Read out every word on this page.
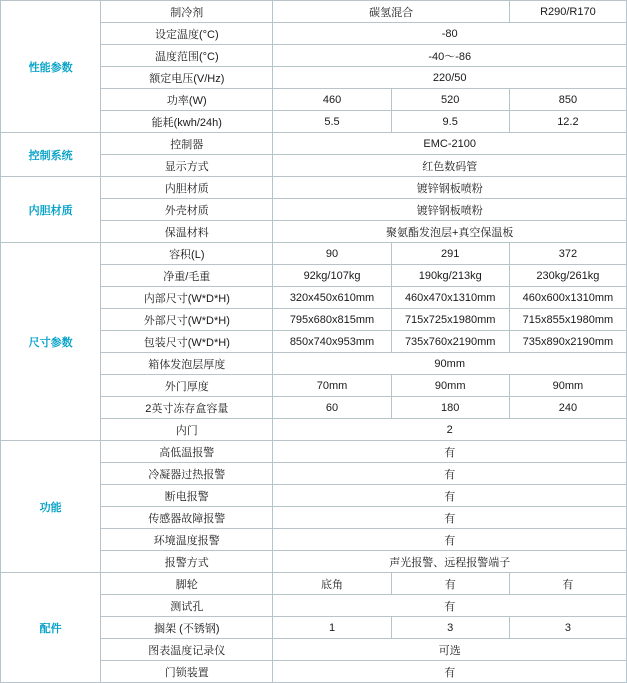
性能参数	制冷剂	碳氢混合		R290/R170
	设定温度(°C)	-80		
	温度范围(°C)	-40～-86		
	额定电压(V/Hz)	220/50		
	功率(W)	460	520	850
	能耗(kwh/24h)	5.5	9.5	12.2
控制系统	控制器	EMC-2100		
	显示方式	红色数码管		
内胆材质	内胆材质	镀锌钢板喷粉		
	外壳材质	镀锌钢板喷粉		
	保温材料	聚氨酯发泡层+真空保温板		
尺寸参数	容积(L)	90	291	372
	净重/毛重	92kg/107kg	190kg/213kg	230kg/261kg
	内部尺寸(W*D*H)	320x450x610mm	460x470x1310mm	460x600x1310mm
	外部尺寸(W*D*H)	795x680x815mm	715x725x1980mm	715x855x1980mm
	包装尺寸(W*D*H)	850x740x953mm	735x760x2190mm	735x890x2190mm
	箱体发泡层厚度	90mm		
	外门厚度	70mm	90mm	90mm
	2英寸冻存盒容量	60	180	240
	内门	2		
功能	高低温报警	有		
	冷凝器过热报警	有		
	断电报警	有		
	传感器故障报警	有		
	环境温度报警	有		
	报警方式	声光报警、远程报警端子		
配件	脚轮	底角	有	有
	测试孔	有		
	搁架 (不锈钢)	1	3	3
	图表温度记录仪	可选		
	门锁装置	有		
